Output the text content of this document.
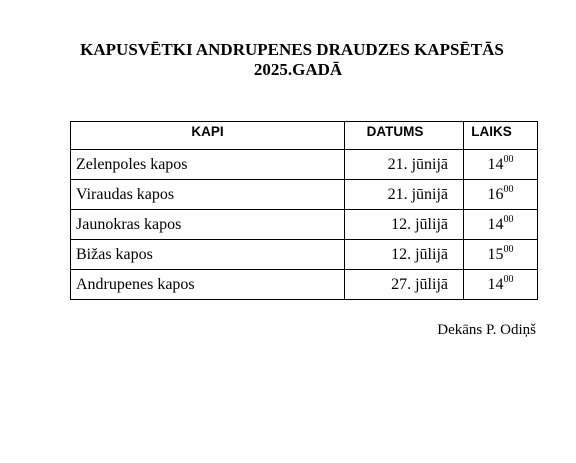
KAPUSVĒTKI ANDRUPENES DRAUDZES KAPSĒTĀS
2025.GADĀ
KAPI	DATUMS	LAIKS
Zelenpoles kapos	21. jūnijā	$14^{00}$
Viraudas kapos	21. jūnijā	$16^{00}$
Jaunokras kapos	12. jūlijā	$14^{00}$
Bižas kapos	12. jūlijā	$15^{00}$
Andrupenes kapos	27. jūlijā	$14^{00}$
Dekāns P. Odiņš
